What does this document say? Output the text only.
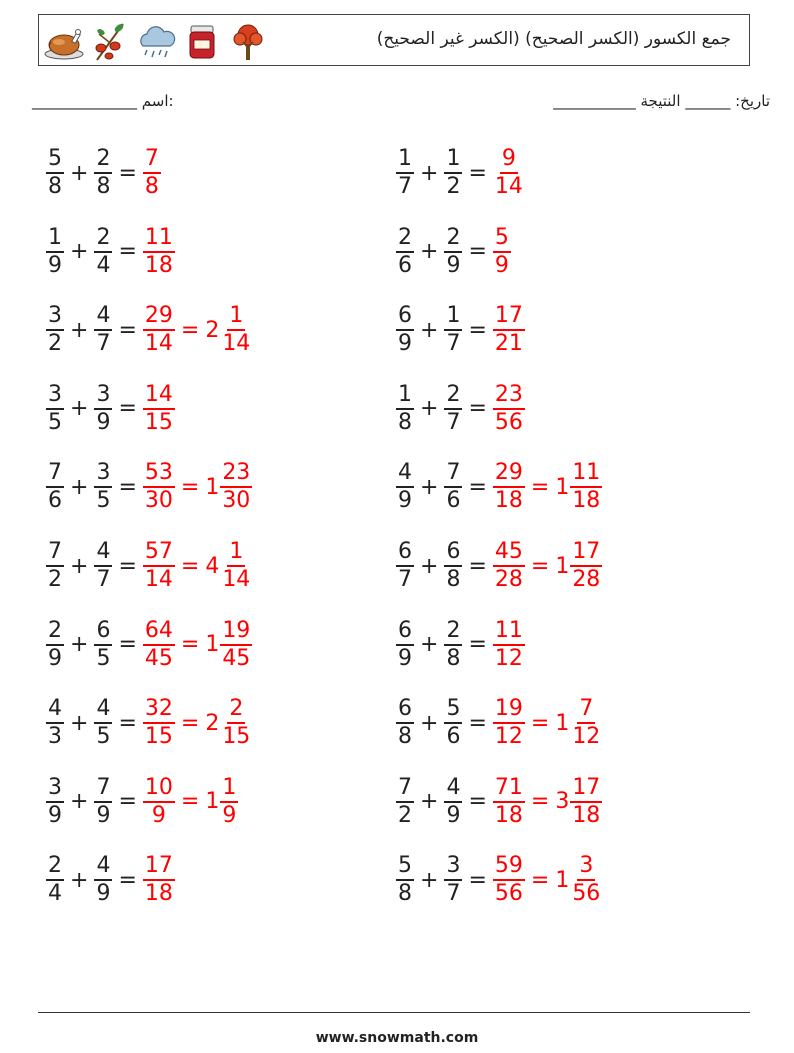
جمع الكسور (الكسر الصحيح) (الكسر غير الصحيح)
______________ اسم:	تاريخ: ______ النتيجة ___________
$\frac{5}{8} + \frac{2}{8} = \frac{7}{8}$	$\frac{1}{7} + \frac{1}{2} = \frac{9}{14}$
$\frac{1}{9} + \frac{2}{4} = \frac{11}{18}$	$\frac{2}{6} + \frac{2}{9} = \frac{5}{9}$
$\frac{3}{2} + \frac{4}{7} = \frac{29}{14} = 2 \frac{1}{14}$	$\frac{6}{9} + \frac{1}{7} = \frac{17}{21}$
$\frac{3}{5} + \frac{3}{9} = \frac{14}{15}$	$\frac{1}{8} + \frac{2}{7} = \frac{23}{56}$
$\frac{7}{6} + \frac{3}{5} = \frac{53}{30} = 1 \frac{23}{30}$	$\frac{4}{9} + \frac{7}{6} = \frac{29}{18} = 1 \frac{11}{18}$
$\frac{7}{2} + \frac{4}{7} = \frac{57}{14} = 4 \frac{1}{14}$	$\frac{6}{7} + \frac{6}{8} = \frac{45}{28} = 1 \frac{17}{28}$
$\frac{2}{9} + \frac{6}{5} = \frac{64}{45} = 1 \frac{19}{45}$	$\frac{6}{9} + \frac{2}{8} = \frac{11}{12}$
$\frac{4}{3} + \frac{4}{5} = \frac{32}{15} = 2 \frac{2}{15}$	$\frac{6}{8} + \frac{5}{6} = \frac{19}{12} = 1 \frac{7}{12}$
$\frac{3}{9} + \frac{7}{9} = \frac{10}{9} = 1 \frac{1}{9}$	$\frac{7}{2} + \frac{4}{9} = \frac{71}{18} = 3 \frac{17}{18}$
$\frac{2}{4} + \frac{4}{9} = \frac{17}{18}$	$\frac{5}{8} + \frac{3}{7} = \frac{59}{56} = 1 \frac{3}{56}$
www.snowmath.com
